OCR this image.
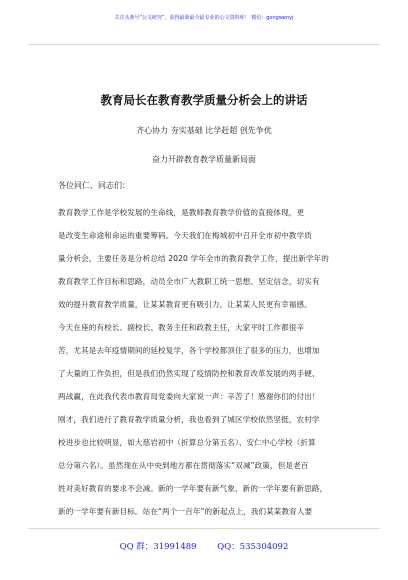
关注头条号“公文研究”，获得最新最全最专业的公文资料库！ 微信：gongwenyj
教育局长在教育教学质量分析会上的讲话
齐心协力 夯实基础 比学赶超 创先争优
奋力开辟教育教学质量新局面
各位同仁、同志们：
教育教学工作是学校发展的生命线，是教师教育教学价值的直接体现，更
是改变生命途和命运的重要筹码。今天我们在梅城初中召开全市初中教学质
量分析会，主要任务是分析总结 2020 学年全市的教育教学工作，提出新学年的
教育教学工作目标和思路，动员全市广大教职工统一思想、坚定信念，切实有
效的提升教育教学质量，让某某教育更有吸引力，让某某人民更有幸福感。
今天在座的有校长、副校长、教务主任和政教主任，大家平时工作都很辛
苦，尤其是去年疫情期间的延校复学，各个学校都顶住了很多的压力，也增加
了大量的工作负担，但是我们仍然实现了疫情防控和教育改革发展的两手硬、
两战赢，在此我代表市教育局党委向大家说一声：辛苦了！感谢你们的付出！
刚才，我们进行了教育教学质量分析，我也看到了城区学校依然坚挺，农村学
校进步也比较明显，如大慈岩初中（折算总分第五名）、安仁中心学校（折算
总分第六名）。虽然现在从中央到地方都在贯彻落实“双减”政策，但是老百
姓对美好教育的要求不会减。新的一学年要有新气象，新的一学年要有新思路，
新的一学年要有新目标。站在“两个一百年”的新起点上，我们某某教育人要
QQ 群：31991489 QQ：535304092
